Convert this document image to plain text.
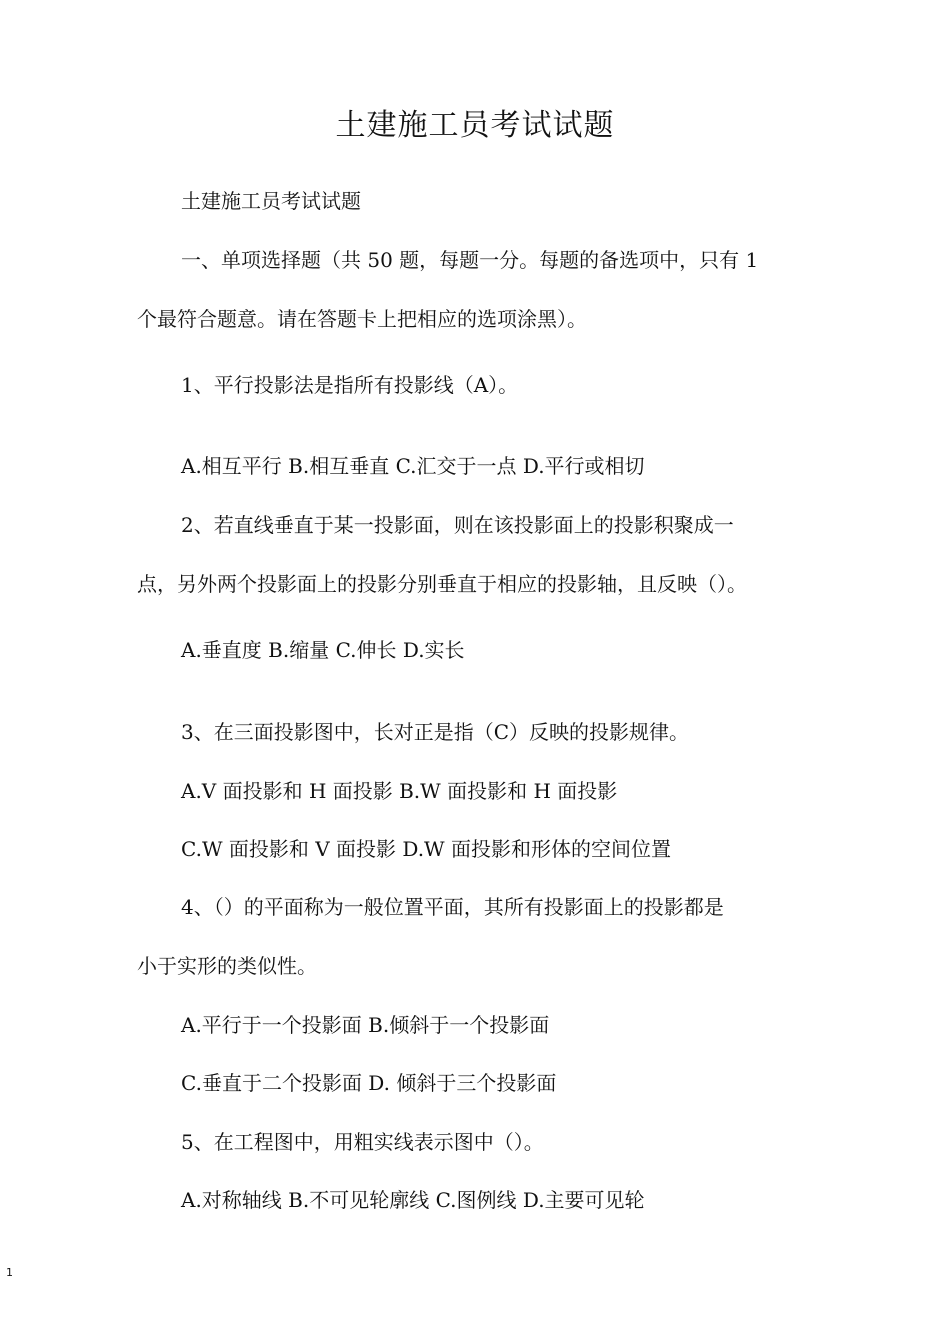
土建施工员考试试题
土建施工员考试试题
一、单项选择题（共 50 题，每题一分。每题的备选项中，只有 1
个最符合题意。请在答题卡上把相应的选项涂黑）。
1、平行投影法是指所有投影线（A）。
A.相互平行 B.相互垂直 C.汇交于一点 D.平行或相切
2、若直线垂直于某一投影面，则在该投影面上的投影积聚成一
点，另外两个投影面上的投影分别垂直于相应的投影轴，且反映（）。
A.垂直度 B.缩量 C.伸长 D.实长
3、在三面投影图中，长对正是指（C）反映的投影规律。
A.V 面投影和 H 面投影 B.W 面投影和 H 面投影
C.W 面投影和 V 面投影 D.W 面投影和形体的空间位置
4、（）的平面称为一般位置平面，其所有投影面上的投影都是
小于实形的类似性。
A.平行于一个投影面 B.倾斜于一个投影面
C.垂直于二个投影面 D. 倾斜于三个投影面
5、在工程图中，用粗实线表示图中（）。
A.对称轴线 B.不可见轮廓线 C.图例线 D.主要可见轮
1
